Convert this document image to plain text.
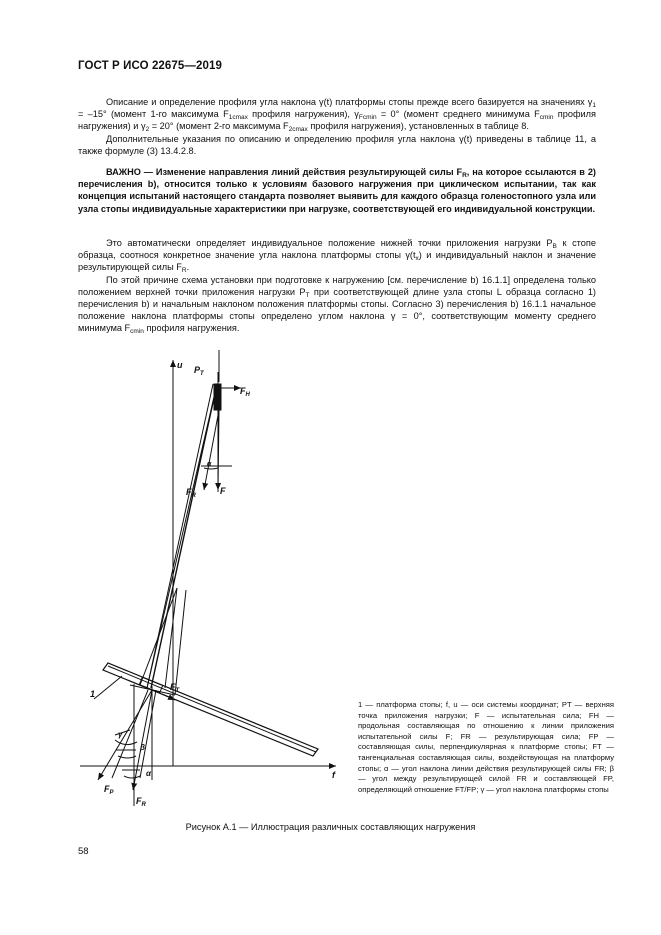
ГОСТ Р ИСО 22675—2019

Описание и определение профиля угла наклона γ(t) платформы стопы прежде всего базируется на значениях $\gamma_1 = -15^\circ$ (момент 1-го максимума $F_{1cmax}$ профиля нагружения), $\gamma_{Fcmin} = 0^\circ$ (момент среднего минимума $F_{cmin}$ профиля нагружения) и $\gamma_2 = 20^\circ$ (момент 2-го максимума $F_{2cmax}$ профиля нагружения), установленных в таблице 8.

Дополнительные указания по описанию и определению профиля угла наклона γ(t) приведены в таблице 11, а также формуле (3) 13.4.2.8.

ВАЖНО — Изменение направления линий действия результирующей силы $F_R$, на которое ссылаются в 2) перечисления b), относится только к условиям базового нагружения при циклическом испытании, так как концепция испытаний настоящего стандарта позволяет выявить для каждого образца голеностопного узла или узла стопы индивидуальные характеристики при нагрузке, соответствующей его индивидуальной конструкции.

Это автоматически определяет индивидуальное положение нижней точки приложения нагрузки $P_B$ к стопе образца, соотнося конкретное значение угла наклона платформы стопы $\gamma(t_x)$ и индивидуальный наклон и значение результирующей силы $F_R$.

По этой причине схема установки при подготовке к нагружению [см. перечисление b) 16.1.1] определена только положением верхней точки приложения нагрузки $P_T$ при соответствующей длине узла стопы L образца согласно 1) перечисления b) и начальным наклоном положения платформы стопы. Согласно 3) перечисления b) 16.1.1 начальное положение наклона платформы стопы определено углом наклона γ = 0°, соответствующим моменту среднего минимума $F_{cmin}$ профиля нагружения.

u
f
$P_T$
$F_H$
α
$F_R$	F
1
$F_T$
γ
β
α
$F_P$
$F_R$
1 — платформа стопы; f, u — оси системы координат; PT — верхняя точка приложения нагрузки; F — испытательная сила; FH — продольная составляющая по отношению к линии приложения испытательной силы F; FR — результирующая сила; FP — составляющая силы, перпендикулярная к платформе стопы; FT — тангенциальная составляющая силы, воздействующая на платформу стопы; α — угол наклона линии действия результирующей силы FR; β — угол между результирующей силой FR и составляющей FP, определяющий отношение FT/FP; γ — угол наклона платформы стопы
Рисунок А.1 — Иллюстрация различных составляющих нагружения
58
